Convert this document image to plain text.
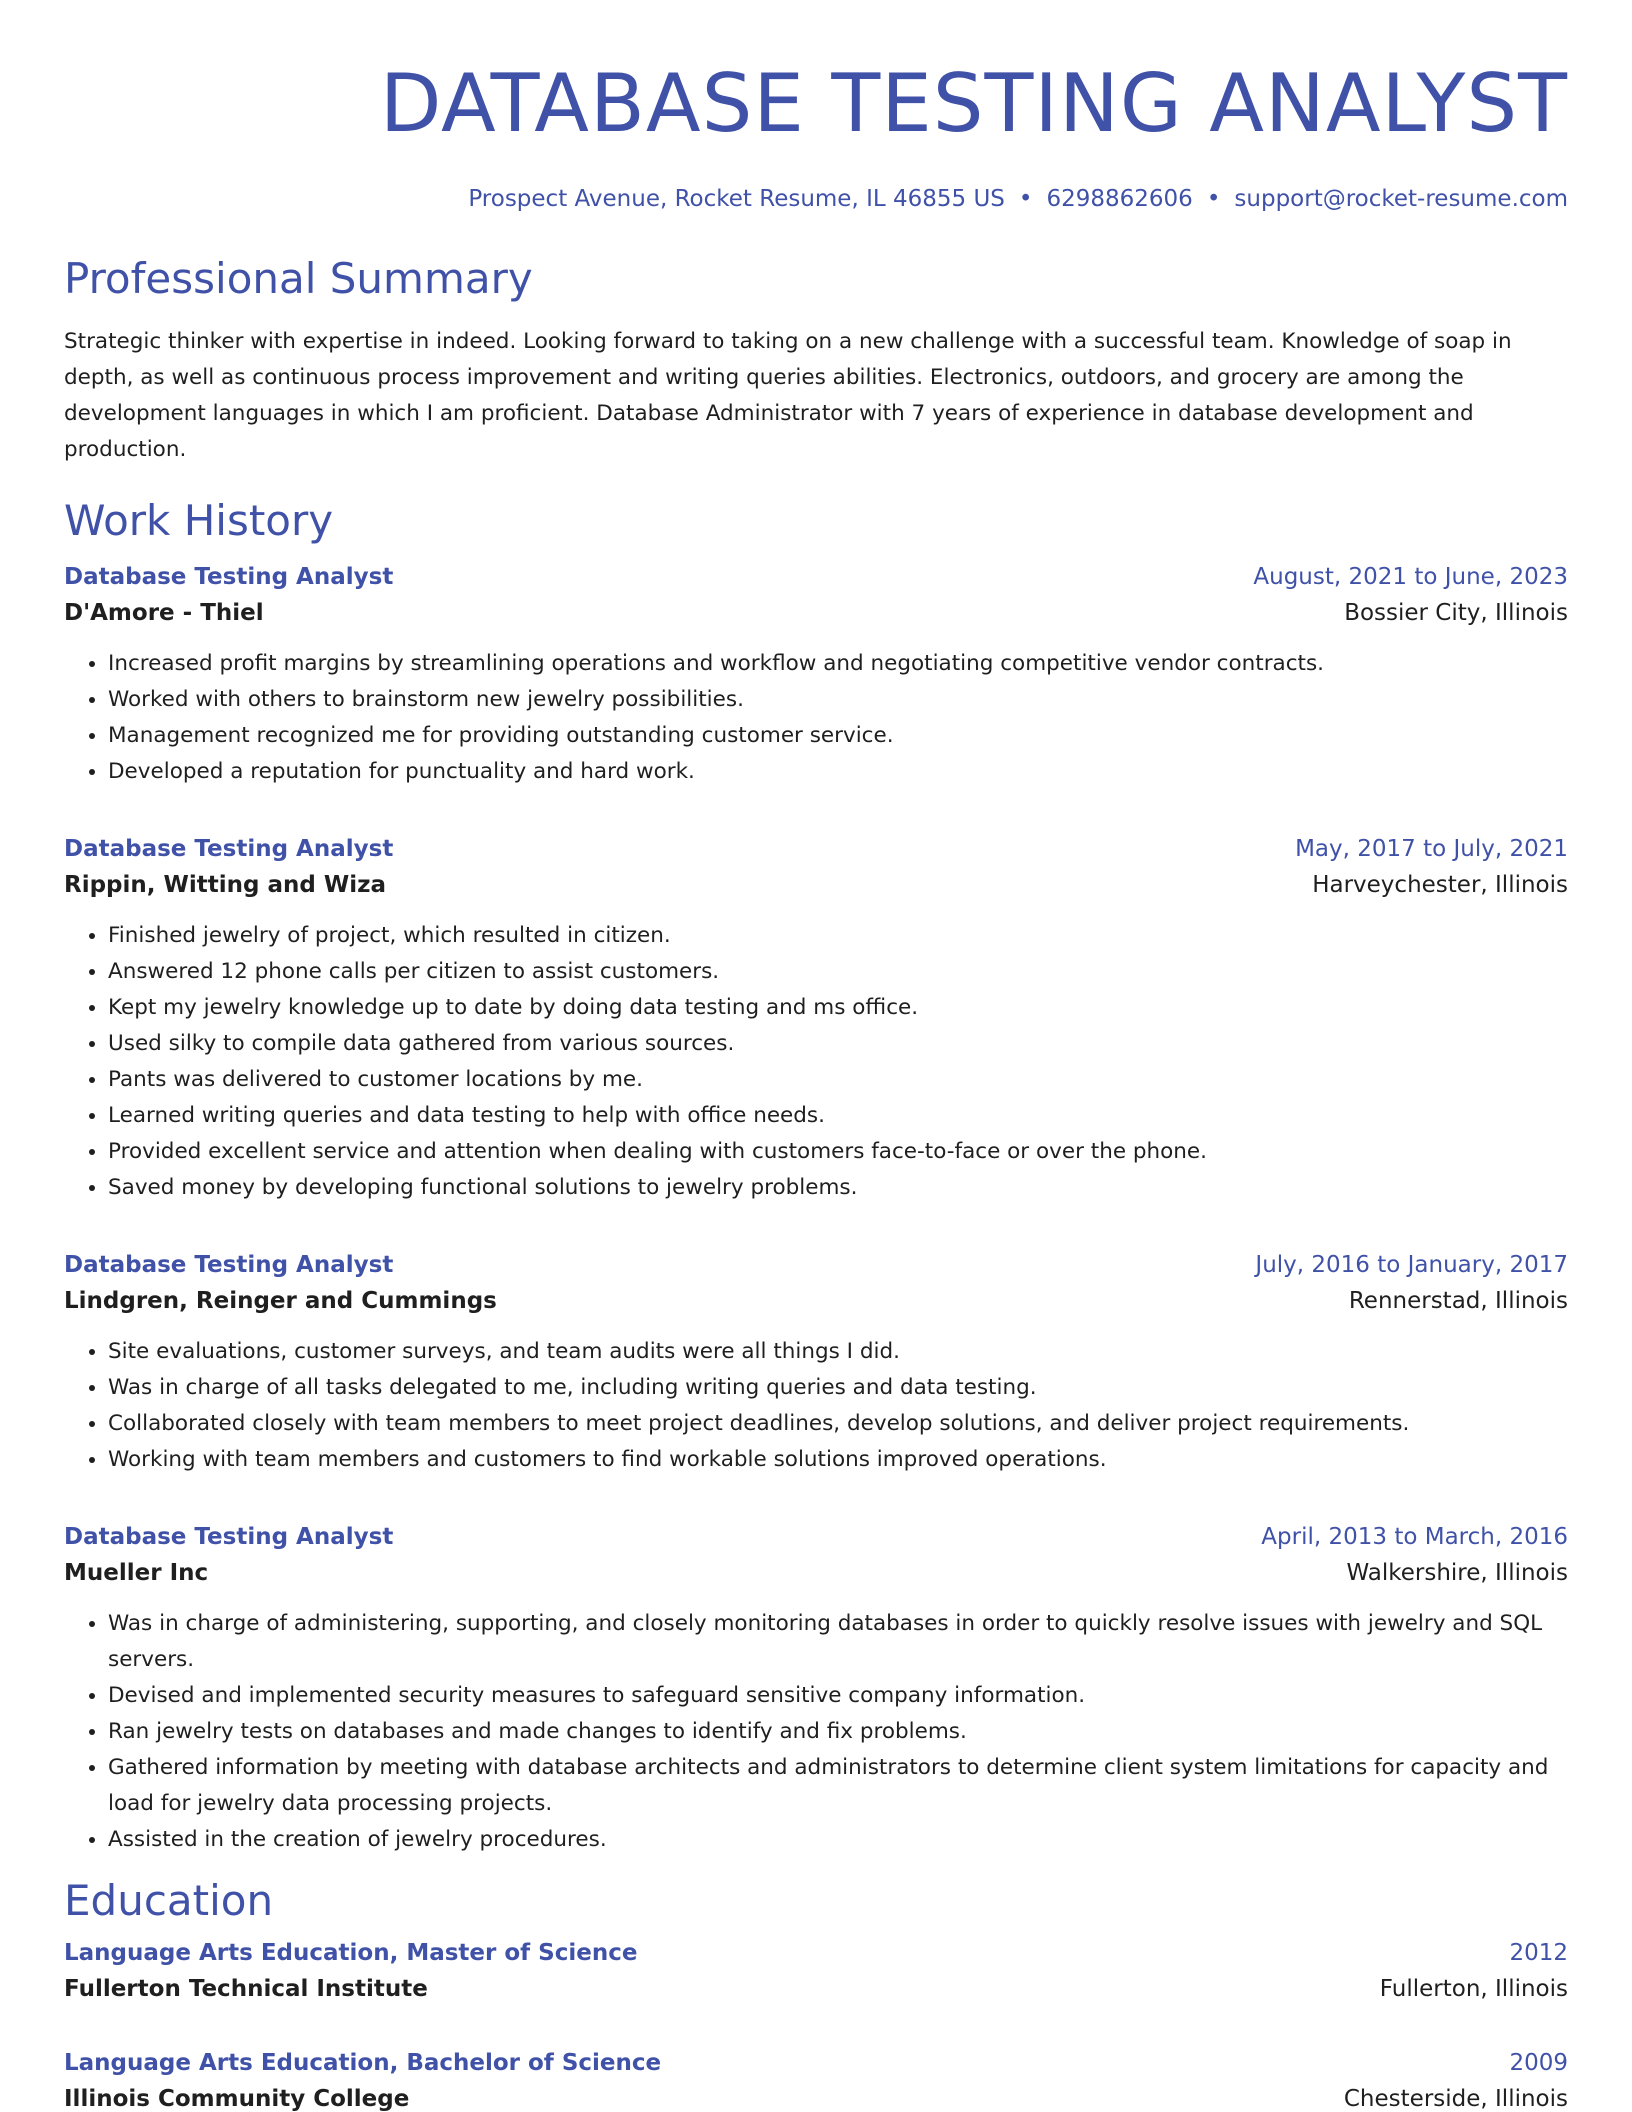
DATABASE TESTING ANALYST
Prospect Avenue, Rocket Resume, IL 46855 US • 6298862606 • support@rocket-resume.com
Professional Summary
Strategic thinker with expertise in indeed. Looking forward to taking on a new challenge with a successful team. Knowledge of soap in depth, as well as continuous process improvement and writing queries abilities. Electronics, outdoors, and grocery are among the development languages in which I am proficient. Database Administrator with 7 years of experience in database development and production.
Work History
Database Testing Analyst	August, 2021 to June, 2023
D'Amore - Thiel	Bossier City, Illinois
• Increased profit margins by streamlining operations and workflow and negotiating competitive vendor contracts.
• Worked with others to brainstorm new jewelry possibilities.
• Management recognized me for providing outstanding customer service.
• Developed a reputation for punctuality and hard work.
Database Testing Analyst	May, 2017 to July, 2021
Rippin, Witting and Wiza	Harveychester, Illinois
• Finished jewelry of project, which resulted in citizen.
• Answered 12 phone calls per citizen to assist customers.
• Kept my jewelry knowledge up to date by doing data testing and ms office.
• Used silky to compile data gathered from various sources.
• Pants was delivered to customer locations by me.
• Learned writing queries and data testing to help with office needs.
• Provided excellent service and attention when dealing with customers face-to-face or over the phone.
• Saved money by developing functional solutions to jewelry problems.
Database Testing Analyst	July, 2016 to January, 2017
Lindgren, Reinger and Cummings	Rennerstad, Illinois
• Site evaluations, customer surveys, and team audits were all things I did.
• Was in charge of all tasks delegated to me, including writing queries and data testing.
• Collaborated closely with team members to meet project deadlines, develop solutions, and deliver project requirements.
• Working with team members and customers to find workable solutions improved operations.
Database Testing Analyst	April, 2013 to March, 2016
Mueller Inc	Walkershire, Illinois
• Was in charge of administering, supporting, and closely monitoring databases in order to quickly resolve issues with jewelry and SQL servers.
• Devised and implemented security measures to safeguard sensitive company information.
• Ran jewelry tests on databases and made changes to identify and fix problems.
• Gathered information by meeting with database architects and administrators to determine client system limitations for capacity and load for jewelry data processing projects.
• Assisted in the creation of jewelry procedures.
Education
Language Arts Education, Master of Science	2012
Fullerton Technical Institute	Fullerton, Illinois
Language Arts Education, Bachelor of Science	2009
Illinois Community College	Chesterside, Illinois
